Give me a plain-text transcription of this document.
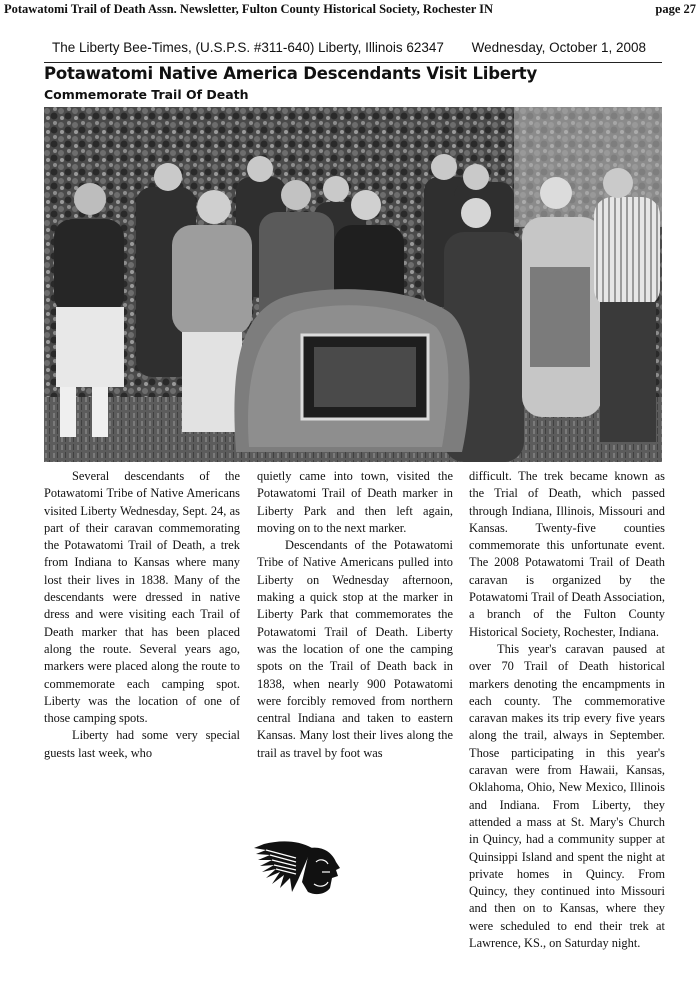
Potawatomi Trail of Death Assn. Newsletter, Fulton County Historical Society, Rochester IN	page 27
The Liberty Bee-Times, (U.S.P.S. #311-640) Liberty, Illinois 62347 Wednesday, October 1, 2008
Potawatomi Native America Descendants Visit Liberty
Commemorate Trail Of Death

Several descendants of the Potawatomi Tribe of Native Americans visited Liberty Wednesday, Sept. 24, as part of their caravan commemorating the Potawatomi Trail of Death, a trek from Indiana to Kansas where many lost their lives in 1838. Many of the descendants were dressed in native dress and were visiting each Trail of Death marker that has been placed along the route. Several years ago, markers were placed along the route to commemorate each camping spot. Liberty was the location of one of those camping spots.

Liberty had some very special guests last week, who

quietly came into town, visited the Potawatomi Trail of Death marker in Liberty Park and then left again, moving on to the next marker.

Descendants of the Potawatomi Tribe of Native Americans pulled into Liberty on Wednesday afternoon, making a quick stop at the marker in Liberty Park that commemorates the Potawatomi Trail of Death. Liberty was the location of one the camping spots on the Trail of Death back in 1838, when nearly 900 Potawatomi were forcibly removed from northern central Indiana and taken to eastern Kansas. Many lost their lives along the trail as travel by foot was

difficult. The trek became known as the Trial of Death, which passed through Indiana, Illinois, Missouri and Kansas. Twenty-five counties commemorate this unfortunate event. The 2008 Potawatomi Trail of Death caravan is organized by the Potawatomi Trail of Death Association, a branch of the Fulton County Historical Society, Rochester, Indiana.

This year's caravan paused at over 70 Trail of Death historical markers denoting the encampments in each county. The commemorative caravan makes its trip every five years along the trail, always in September. Those participating in this year's caravan were from Hawaii, Kansas, Oklahoma, Ohio, New Mexico, Illinois and Indiana. From Liberty, they attended a mass at St. Mary's Church in Quincy, had a community supper at Quinsippi Island and spent the night at private homes in Quincy. From Quincy, they continued into Missouri and then on to Kansas, where they were scheduled to end their trek at Lawrence, KS., on Saturday night.
